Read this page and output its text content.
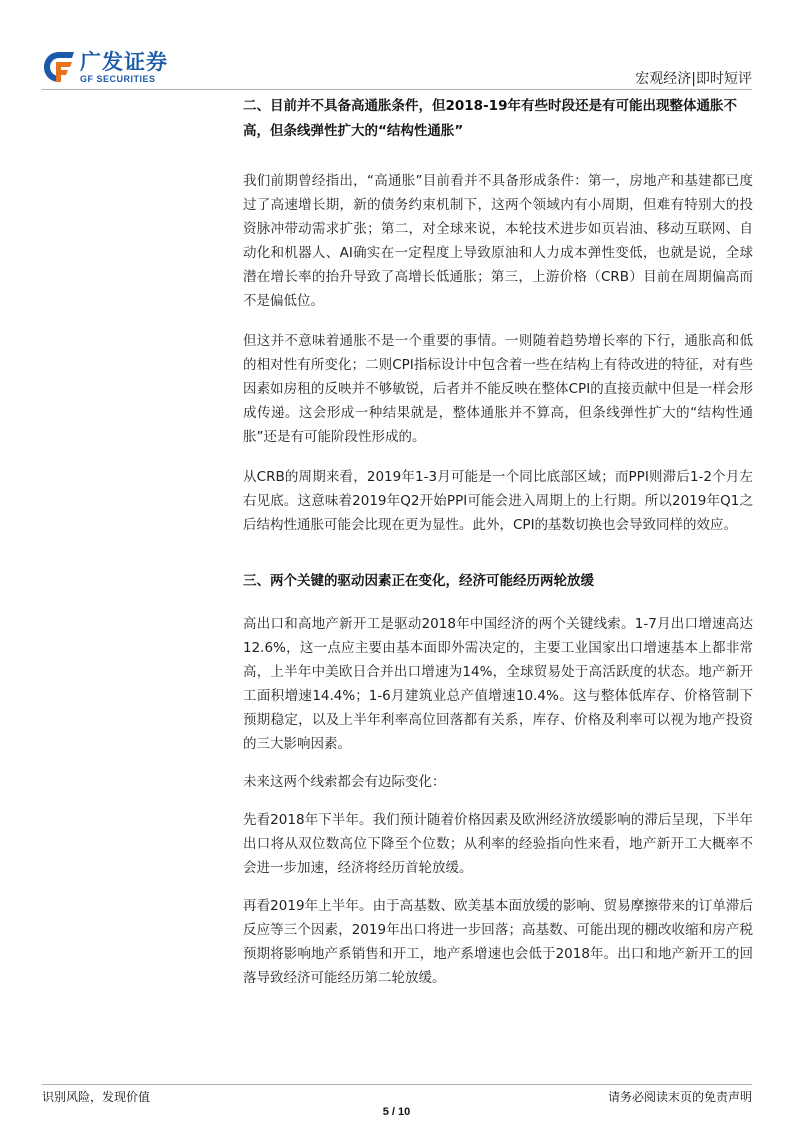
广发证券
GF SECURITIES	宏观经济|即时短评
二、目前并不具备高通胀条件，但2018-19年有些时段还是有可能出现整体通胀不高，但条线弹性扩大的“结构性通胀”

我们前期曾经指出，“高通胀”目前看并不具备形成条件：第一，房地产和基建都已度过了高速增长期，新的债务约束机制下，这两个领域内有小周期，但难有特别大的投资脉冲带动需求扩张；第二，对全球来说，本轮技术进步如页岩油、移动互联网、自动化和机器人、AI确实在一定程度上导致原油和人力成本弹性变低，也就是说，全球潜在增长率的抬升导致了高增长低通胀；第三，上游价格（CRB）目前在周期偏高而不是偏低位。

但这并不意味着通胀不是一个重要的事情。一则随着趋势增长率的下行，通胀高和低的相对性有所变化；二则CPI指标设计中包含着一些在结构上有待改进的特征，对有些因素如房租的反映并不够敏锐，后者并不能反映在整体CPI的直接贡献中但是一样会形成传递。这会形成一种结果就是，整体通胀并不算高，但条线弹性扩大的“结构性通胀”还是有可能阶段性形成的。

从CRB的周期来看，2019年1-3月可能是一个同比底部区域；而PPI则滞后1-2个月左右见底。这意味着2019年Q2开始PPI可能会进入周期上的上行期。所以2019年Q1之后结构性通胀可能会比现在更为显性。此外，CPI的基数切换也会导致同样的效应。

三、两个关键的驱动因素正在变化，经济可能经历两轮放缓

高出口和高地产新开工是驱动2018年中国经济的两个关键线索。1-7月出口增速高达12.6%，这一点应主要由基本面即外需决定的，主要工业国家出口增速基本上都非常高，上半年中美欧日合并出口增速为14%，全球贸易处于高活跃度的状态。地产新开工面积增速14.4%；1-6月建筑业总产值增速10.4%。这与整体低库存、价格管制下预期稳定，以及上半年利率高位回落都有关系，库存、价格及利率可以视为地产投资的三大影响因素。

未来这两个线索都会有边际变化：

先看2018年下半年。我们预计随着价格因素及欧洲经济放缓影响的滞后呈现，下半年出口将从双位数高位下降至个位数；从利率的经验指向性来看，地产新开工大概率不会进一步加速，经济将经历首轮放缓。

再看2019年上半年。由于高基数、欧美基本面放缓的影响、贸易摩擦带来的订单滞后反应等三个因素，2019年出口将进一步回落；高基数、可能出现的棚改收缩和房产税预期将影响地产系销售和开工，地产系增速也会低于2018年。出口和地产新开工的回落导致经济可能经历第二轮放缓。

识别风险，发现价值	请务必阅读末页的免责声明
5 / 10
